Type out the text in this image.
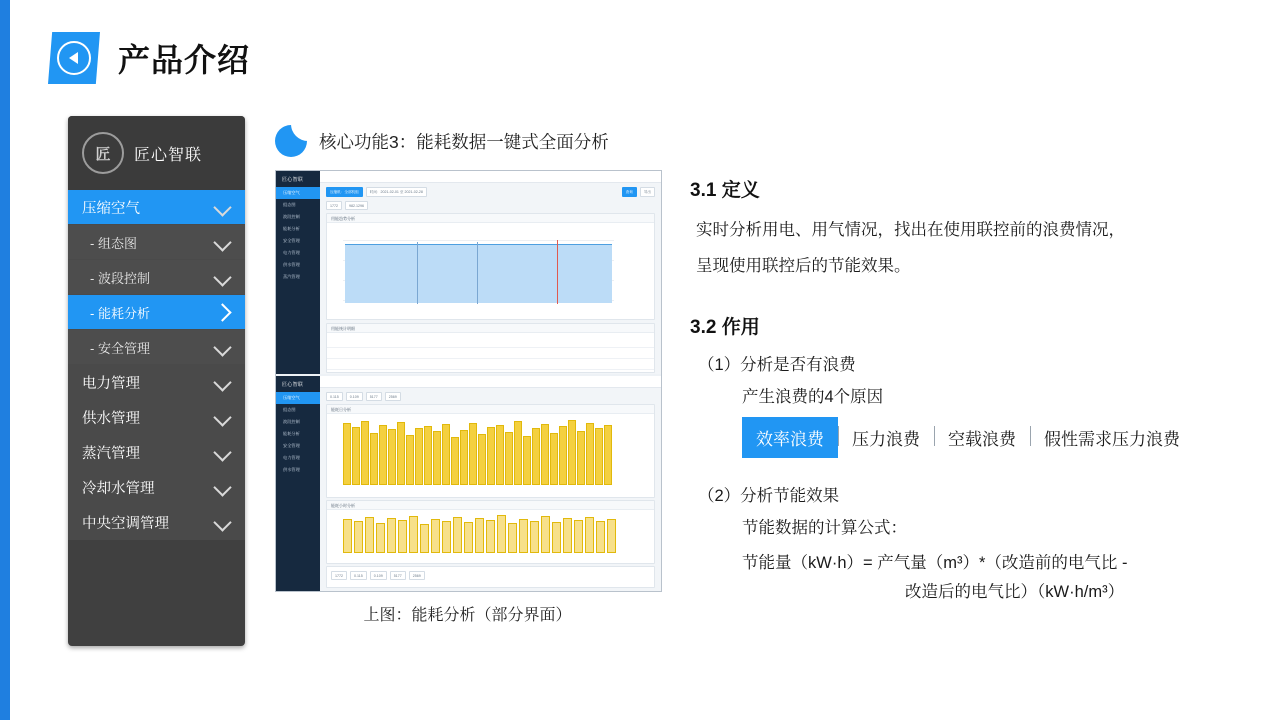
产品介绍
匠	匠心智联
压缩空气
- 组态图
- 波段控制
- 能耗分析
- 安全管理
电力管理
供水管理
蒸汽管理
冷却水管理
中央空调管理
核心功能3：能耗数据一键式全面分析
匠心智联
压缩空气
组态图
波段控制
能耗分析
安全管理
电力管理
供水管理
蒸汽管理
压缩机：全部机组	时间：2021-02-01 至 2021-02-28	查询	导出
1772	982.1296
用能趋势分析
用能统计明细
匠心智联
压缩空气
组态图
波段控制
能耗分析
安全管理
电力管理
供水管理
0.115	0.109	5177	2569
能耗日分析
能耗小时分析
1772	0.115	0.109	5177	2569
上图：能耗分析（部分界面）
3.1 定义
实时分析用电、用气情况，找出在使用联控前的浪费情况，
呈现使用联控后的节能效果。
3.2 作用
（1）分析是否有浪费
产生浪费的4个原因
效率浪费	压力浪费	空载浪费	假性需求压力浪费
（2）分析节能效果
节能数据的计算公式：
节能量（kW·h）= 产气量（m³）*（改造前的电气比 -
改造后的电气比）（kW·h/m³）
